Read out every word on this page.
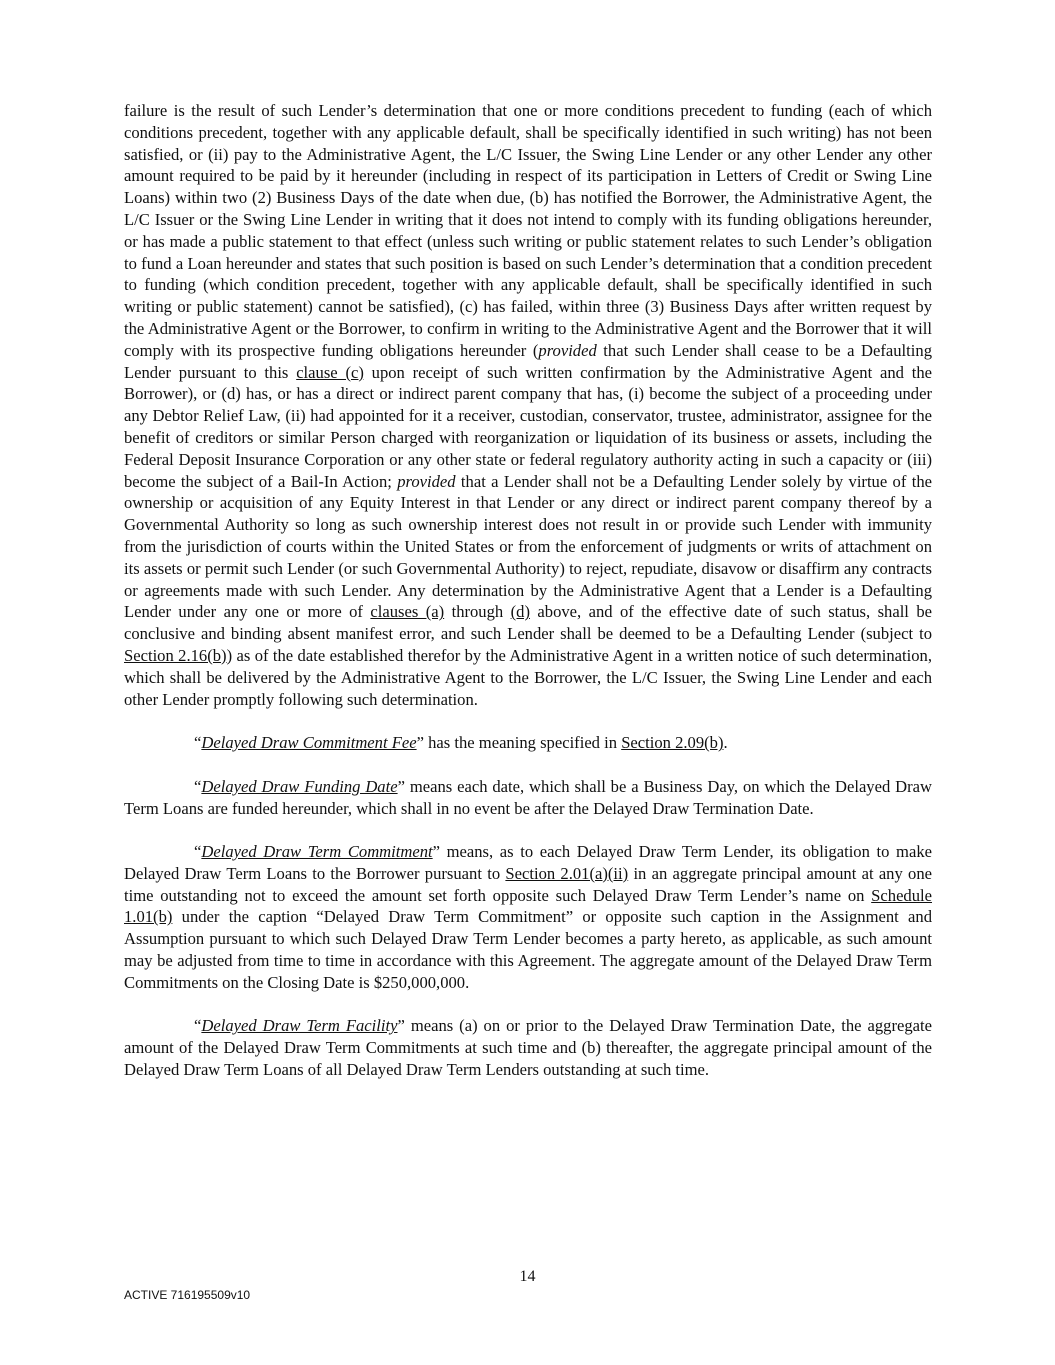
failure is the result of such Lender’s determination that one or more conditions precedent to funding (each of which conditions precedent, together with any applicable default, shall be specifically identified in such writing) has not been satisfied, or (ii) pay to the Administrative Agent, the L/C Issuer, the Swing Line Lender or any other Lender any other amount required to be paid by it hereunder (including in respect of its participation in Letters of Credit or Swing Line Loans) within two (2) Business Days of the date when due, (b) has notified the Borrower, the Administrative Agent, the L/C Issuer or the Swing Line Lender in writing that it does not intend to comply with its funding obligations hereunder, or has made a public statement to that effect (unless such writing or public statement relates to such Lender’s obligation to fund a Loan hereunder and states that such position is based on such Lender’s determination that a condition precedent to funding (which condition precedent, together with any applicable default, shall be specifically identified in such writing or public statement) cannot be satisfied), (c) has failed, within three (3) Business Days after written request by the Administrative Agent or the Borrower, to confirm in writing to the Administrative Agent and the Borrower that it will comply with its prospective funding obligations hereunder (provided that such Lender shall cease to be a Defaulting Lender pursuant to this clause (c) upon receipt of such written confirmation by the Administrative Agent and the Borrower), or (d) has, or has a direct or indirect parent company that has, (i) become the subject of a proceeding under any Debtor Relief Law, (ii) had appointed for it a receiver, custodian, conservator, trustee, administrator, assignee for the benefit of creditors or similar Person charged with reorganization or liquidation of its business or assets, including the Federal Deposit Insurance Corporation or any other state or federal regulatory authority acting in such a capacity or (iii) become the subject of a Bail-In Action; provided that a Lender shall not be a Defaulting Lender solely by virtue of the ownership or acquisition of any Equity Interest in that Lender or any direct or indirect parent company thereof by a Governmental Authority so long as such ownership interest does not result in or provide such Lender with immunity from the jurisdiction of courts within the United States or from the enforcement of judgments or writs of attachment on its assets or permit such Lender (or such Governmental Authority) to reject, repudiate, disavow or disaffirm any contracts or agreements made with such Lender. Any determination by the Administrative Agent that a Lender is a Defaulting Lender under any one or more of clauses (a) through (d) above, and of the effective date of such status, shall be conclusive and binding absent manifest error, and such Lender shall be deemed to be a Defaulting Lender (subject to Section 2.16(b)) as of the date established therefor by the Administrative Agent in a written notice of such determination, which shall be delivered by the Administrative Agent to the Borrower, the L/C Issuer, the Swing Line Lender and each other Lender promptly following such determination.

“Delayed Draw Commitment Fee” has the meaning specified in Section 2.09(b).

“Delayed Draw Funding Date” means each date, which shall be a Business Day, on which the Delayed Draw Term Loans are funded hereunder, which shall in no event be after the Delayed Draw Termination Date.

“Delayed Draw Term Commitment” means, as to each Delayed Draw Term Lender, its obligation to make Delayed Draw Term Loans to the Borrower pursuant to Section 2.01(a)(ii) in an aggregate principal amount at any one time outstanding not to exceed the amount set forth opposite such Delayed Draw Term Lender’s name on Schedule 1.01(b) under the caption “Delayed Draw Term Commitment” or opposite such caption in the Assignment and Assumption pursuant to which such Delayed Draw Term Lender becomes a party hereto, as applicable, as such amount may be adjusted from time to time in accordance with this Agreement. The aggregate amount of the Delayed Draw Term Commitments on the Closing Date is $250,000,000.

“Delayed Draw Term Facility” means (a) on or prior to the Delayed Draw Termination Date, the aggregate amount of the Delayed Draw Term Commitments at such time and (b) thereafter, the aggregate principal amount of the Delayed Draw Term Loans of all Delayed Draw Term Lenders outstanding at such time.

14
ACTIVE 716195509v10
